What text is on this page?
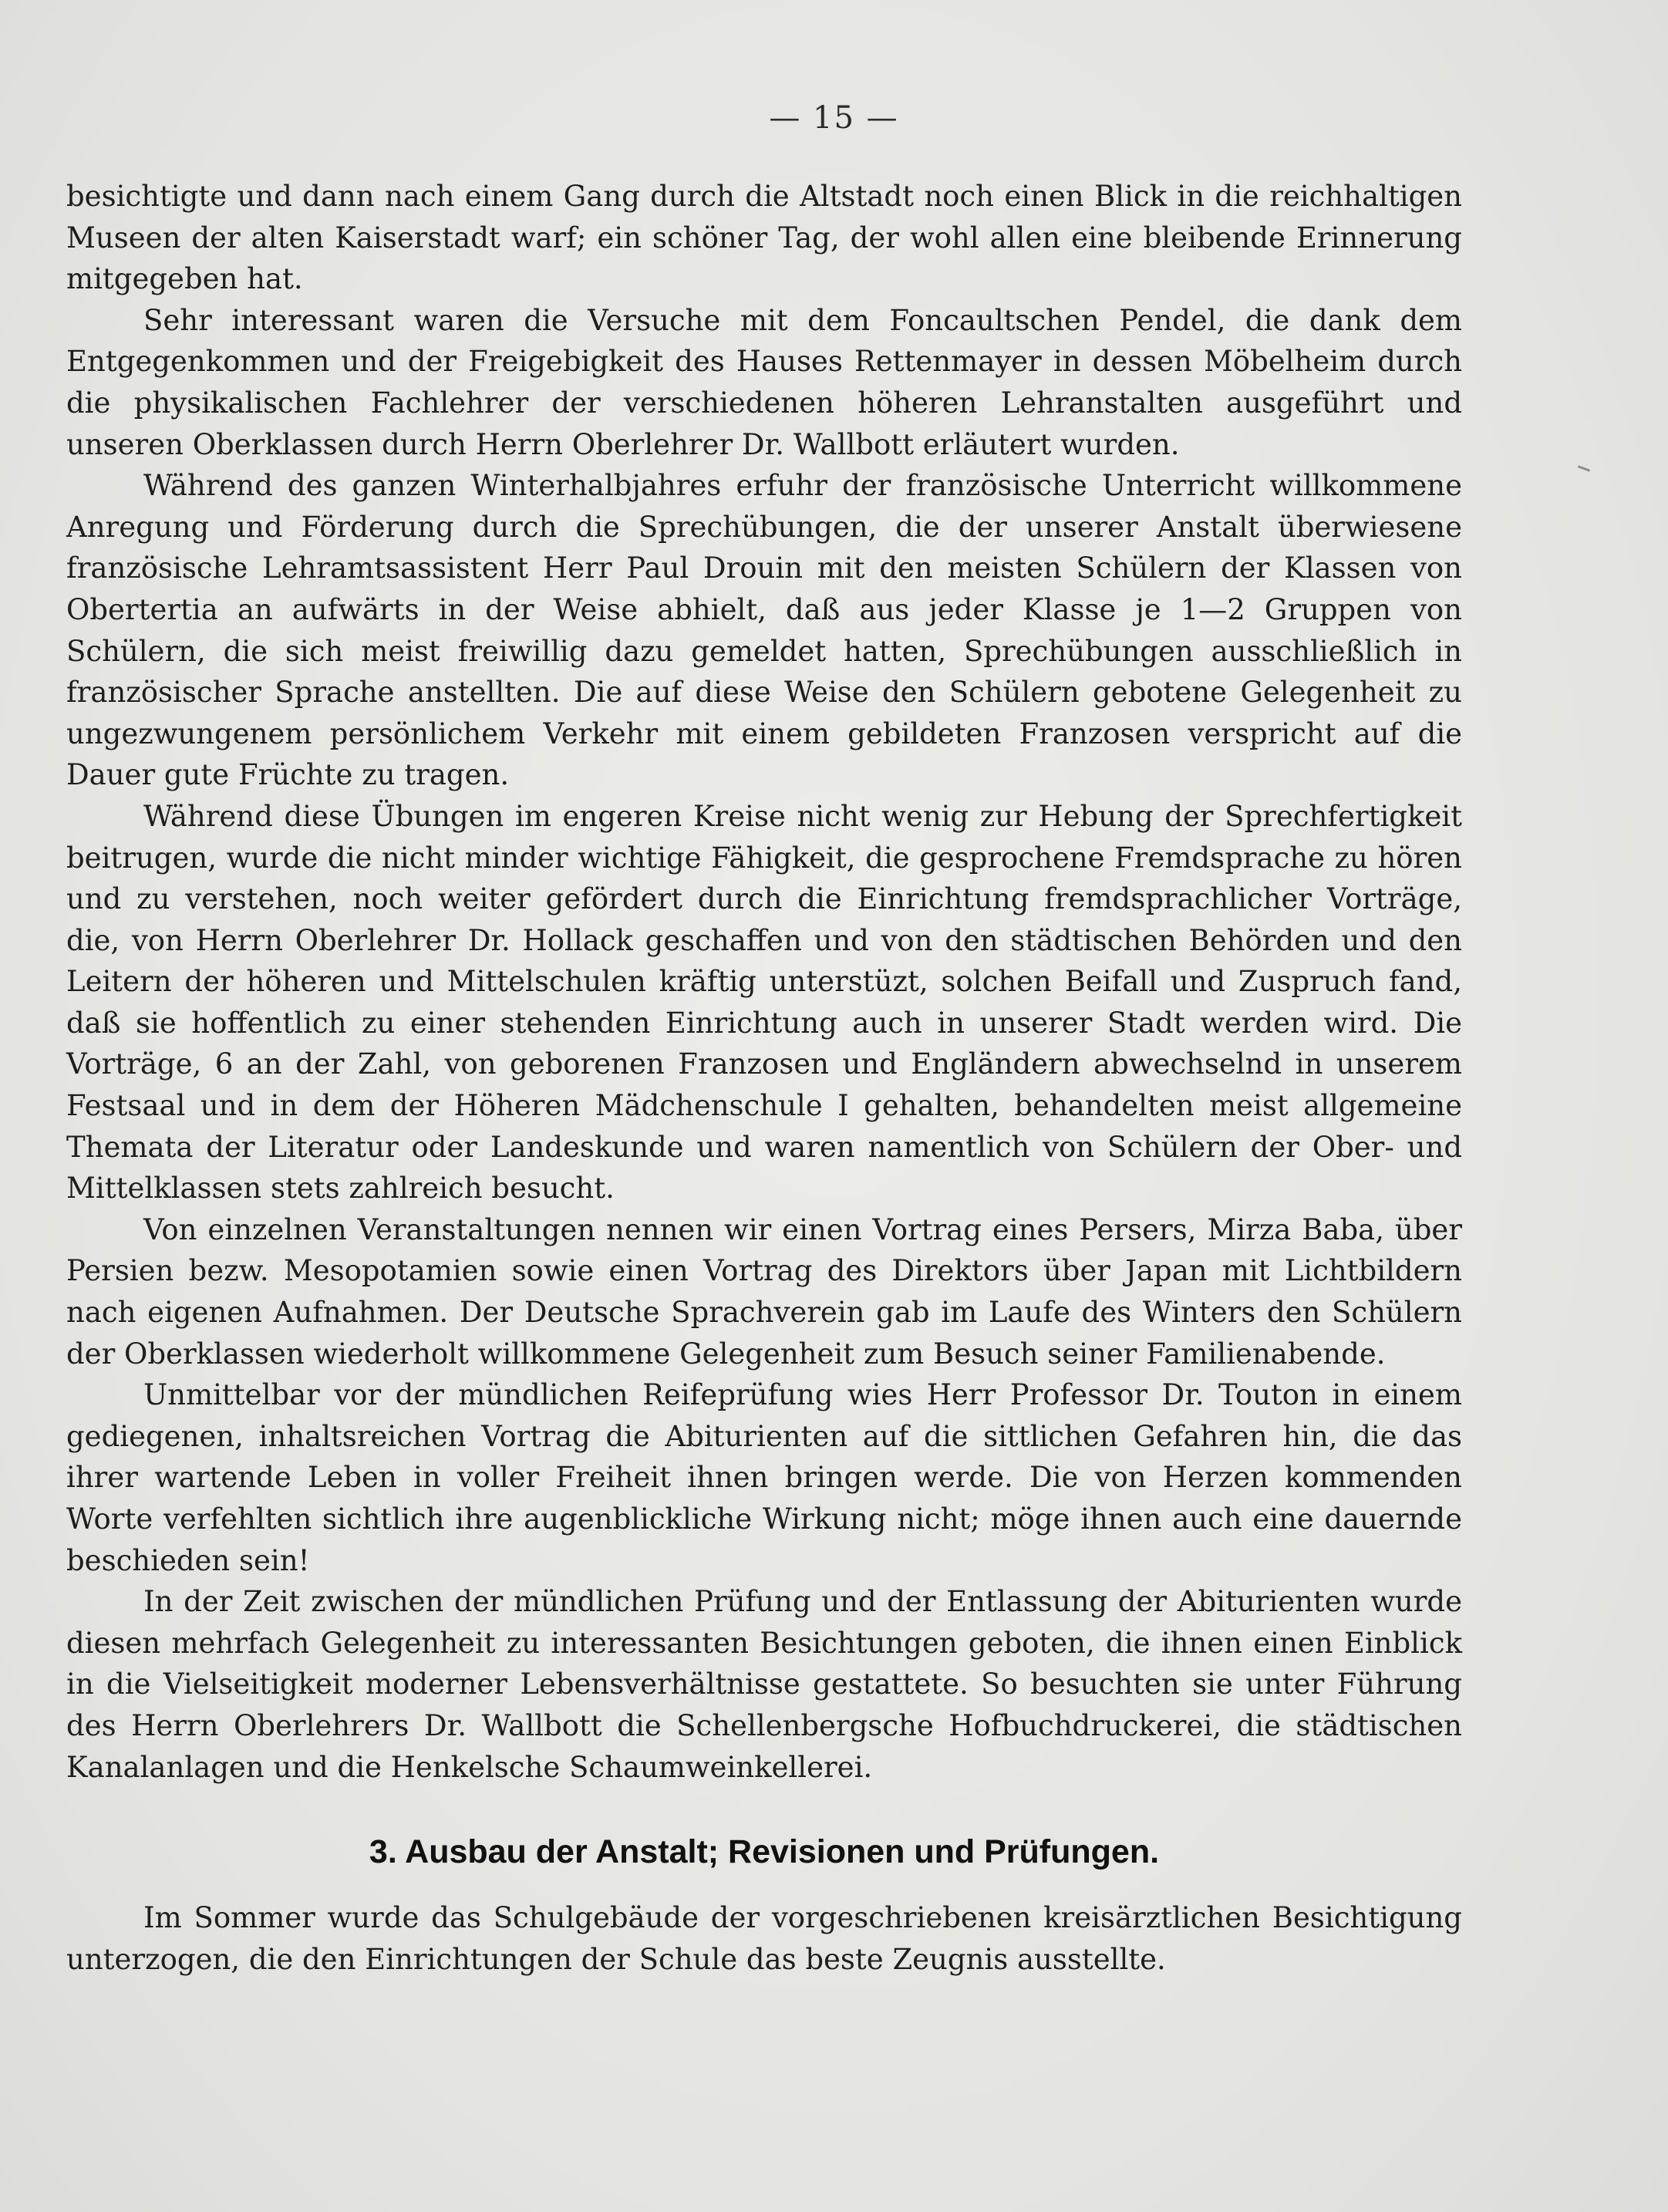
— 15 —

besichtigte und dann nach einem Gang durch die Altstadt noch einen Blick in die reichhaltigen Museen der alten Kaiserstadt warf; ein schöner Tag, der wohl allen eine bleibende Erinnerung mitgegeben hat.

Sehr interessant waren die Versuche mit dem Foncaultschen Pendel, die dank dem Entgegenkommen und der Freigebigkeit des Hauses Rettenmayer in dessen Möbelheim durch die physikalischen Fachlehrer der verschiedenen höheren Lehranstalten ausgeführt und unseren Oberklassen durch Herrn Oberlehrer Dr. Wallbott erläutert wurden.

Während des ganzen Winterhalbjahres erfuhr der französische Unterricht willkommene Anregung und Förderung durch die Sprechübungen, die der unserer Anstalt überwiesene französische Lehramtsassistent Herr Paul Drouin mit den meisten Schülern der Klassen von Obertertia an aufwärts in der Weise abhielt, daß aus jeder Klasse je 1—2 Gruppen von Schülern, die sich meist freiwillig dazu gemeldet hatten, Sprechübungen ausschließlich in französischer Sprache anstellten. Die auf diese Weise den Schülern gebotene Gelegenheit zu ungezwungenem persönlichem Verkehr mit einem gebildeten Franzosen verspricht auf die Dauer gute Früchte zu tragen.

Während diese Übungen im engeren Kreise nicht wenig zur Hebung der Sprechfertigkeit beitrugen, wurde die nicht minder wichtige Fähigkeit, die gesprochene Fremdsprache zu hören und zu verstehen, noch weiter gefördert durch die Einrichtung fremdsprachlicher Vorträge, die, von Herrn Oberlehrer Dr. Hollack geschaffen und von den städtischen Behörden und den Leitern der höheren und Mittelschulen kräftig unterstüzt, solchen Beifall und Zuspruch fand, daß sie hoffentlich zu einer stehenden Einrichtung auch in unserer Stadt werden wird. Die Vorträge, 6 an der Zahl, von geborenen Franzosen und Engländern abwechselnd in unserem Festsaal und in dem der Höheren Mädchenschule I gehalten, behandelten meist allgemeine Themata der Literatur oder Landeskunde und waren namentlich von Schülern der Ober- und Mittelklassen stets zahlreich besucht.

Von einzelnen Veranstaltungen nennen wir einen Vortrag eines Persers, Mirza Baba, über Persien bezw. Mesopotamien sowie einen Vortrag des Direktors über Japan mit Lichtbildern nach eigenen Aufnahmen. Der Deutsche Sprachverein gab im Laufe des Winters den Schülern der Oberklassen wiederholt willkommene Gelegenheit zum Besuch seiner Familienabende.

Unmittelbar vor der mündlichen Reifeprüfung wies Herr Professor Dr. Touton in einem gediegenen, inhaltsreichen Vortrag die Abiturienten auf die sittlichen Gefahren hin, die das ihrer wartende Leben in voller Freiheit ihnen bringen werde. Die von Herzen kommenden Worte verfehlten sichtlich ihre augenblickliche Wirkung nicht; möge ihnen auch eine dauernde beschieden sein!

In der Zeit zwischen der mündlichen Prüfung und der Entlassung der Abiturienten wurde diesen mehrfach Gelegenheit zu interessanten Besichtungen geboten, die ihnen einen Einblick in die Vielseitigkeit moderner Lebensverhältnisse gestattete. So besuchten sie unter Führung des Herrn Oberlehrers Dr. Wallbott die Schellenbergsche Hofbuchdruckerei, die städtischen Kanalanlagen und die Henkelsche Schaumweinkellerei.

3. Ausbau der Anstalt; Revisionen und Prüfungen.

Im Sommer wurde das Schulgebäude der vorgeschriebenen kreisärztlichen Besichtigung unterzogen, die den Einrichtungen der Schule das beste Zeugnis ausstellte.
